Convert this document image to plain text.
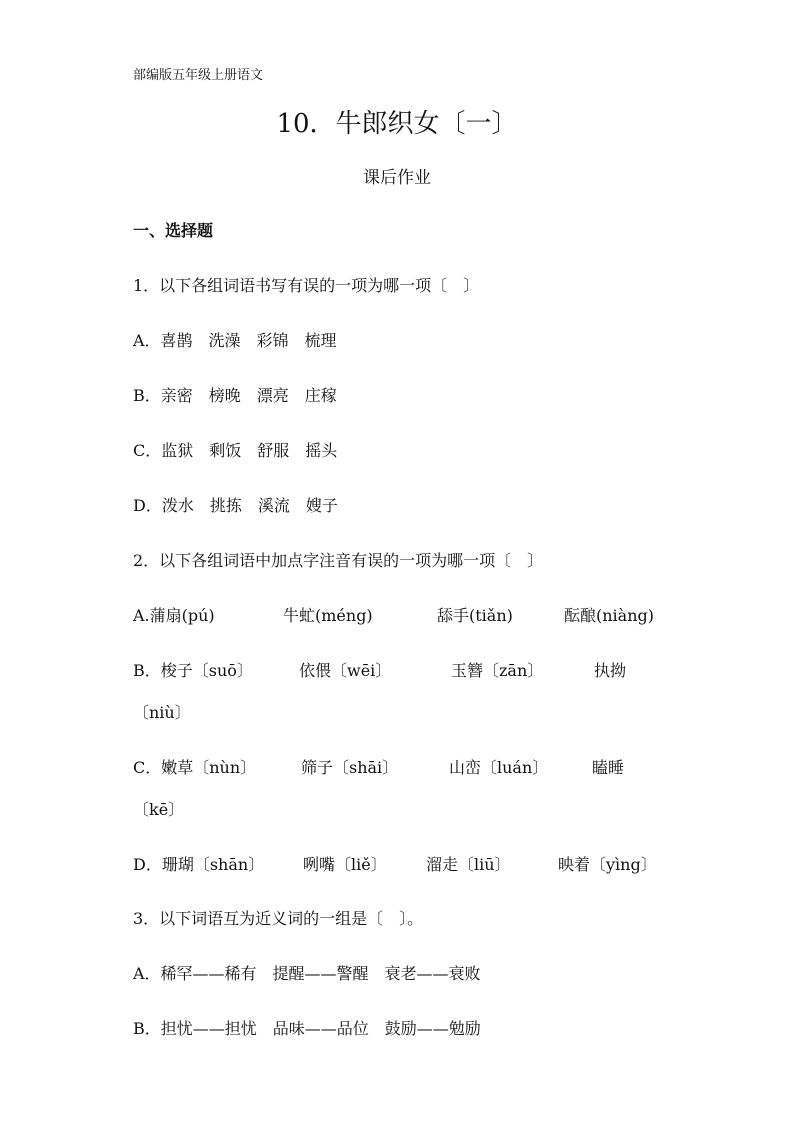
部编版五年级上册语文
10．牛郎织女〔一〕
课后作业
一、选择题
1．以下各组词语书写有误的一项为哪一项〔　〕
A．喜鹊　洗澡　彩锦　梳理
B．亲密　榜晚　漂亮　庄稼
C．监狱　剩饭　舒服　摇头
D．泼水　挑拣　溪流　嫂子
2．以下各组词语中加点字注音有误的一项为哪一项〔　〕
A.蒲扇(pú)	牛虻(méng)	舔手(tiǎn)	酝酿(niàng)
B．梭子〔suō〕	依偎〔wēi〕	玉簪〔zān〕	执拗
〔niù〕
C．嫩草〔nùn〕	筛子〔shāi〕	山峦〔luán〕	瞌睡
〔kē〕
D．珊瑚〔shān〕 咧嘴〔liě〕 溜走〔liū〕	映着〔yìng〕
3．以下词语互为近义词的一组是〔　〕。
A．稀罕——稀有　提醒——警醒　衰老——衰败
B．担忧——担忧　品味——品位　鼓励——勉励
